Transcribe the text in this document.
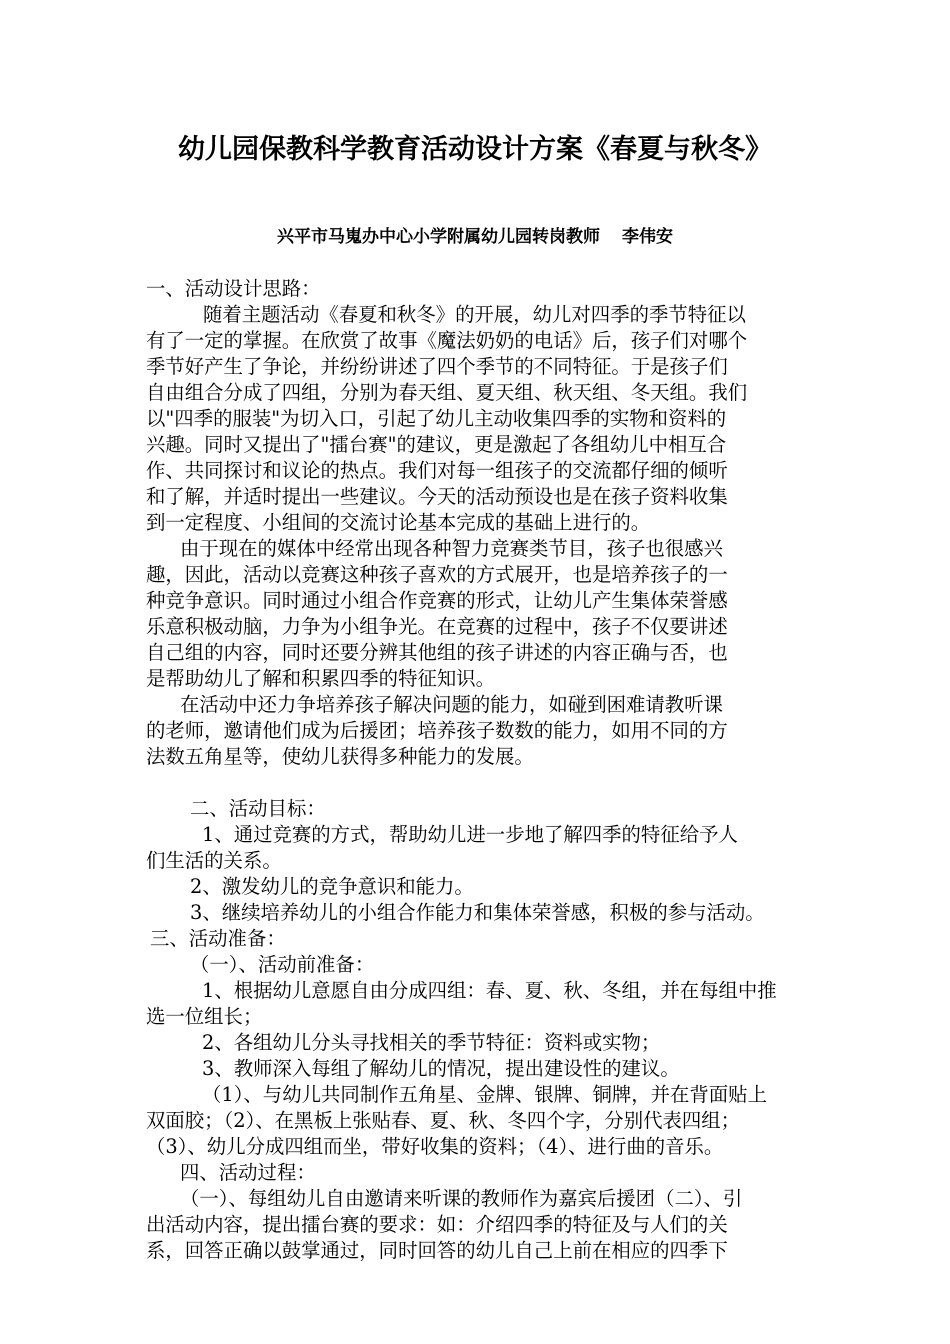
幼儿园保教科学教育活动设计方案《春夏与秋冬》
兴平市马嵬办中心小学附属幼儿园转岗教师 李伟安
一、活动设计思路：
随着主题活动《春夏和秋冬》的开展，幼儿对四季的季节特征以
有了一定的掌握。在欣赏了故事《魔法奶奶的电话》后，孩子们对哪个
季节好产生了争论，并纷纷讲述了四个季节的不同特征。于是孩子们
自由组合分成了四组，分别为春天组、夏天组、秋天组、冬天组。我们
以"四季的服装"为切入口，引起了幼儿主动收集四季的实物和资料的
兴趣。同时又提出了"擂台赛"的建议，更是激起了各组幼儿中相互合
作、共同探讨和议论的热点。我们对每一组孩子的交流都仔细的倾听
和了解，并适时提出一些建议。今天的活动预设也是在孩子资料收集
到一定程度、小组间的交流讨论基本完成的基础上进行的。
由于现在的媒体中经常出现各种智力竞赛类节目，孩子也很感兴
趣，因此，活动以竞赛这种孩子喜欢的方式展开，也是培养孩子的一
种竞争意识。同时通过小组合作竞赛的形式，让幼儿产生集体荣誉感
乐意积极动脑，力争为小组争光。在竞赛的过程中，孩子不仅要讲述
自己组的内容，同时还要分辨其他组的孩子讲述的内容正确与否，也
是帮助幼儿了解和积累四季的特征知识。
在活动中还力争培养孩子解决问题的能力，如碰到困难请教听课
的老师，邀请他们成为后援团；培养孩子数数的能力，如用不同的方
法数五角星等，使幼儿获得多种能力的发展。
二、活动目标：
1、通过竞赛的方式，帮助幼儿进一步地了解四季的特征给予人
们生活的关系。
2、激发幼儿的竞争意识和能力。
3、继续培养幼儿的小组合作能力和集体荣誉感，积极的参与活动。
三、活动准备：
（一）、活动前准备：
1、根据幼儿意愿自由分成四组：春、夏、秋、冬组，并在每组中推
选一位组长；
2、各组幼儿分头寻找相关的季节特征：资料或实物；
3、教师深入每组了解幼儿的情况，提出建设性的建议。
（1）、与幼儿共同制作五角星、金牌、银牌、铜牌，并在背面贴上
双面胶；（2）、在黑板上张贴春、夏、秋、冬四个字，分别代表四组；
（3）、幼儿分成四组而坐，带好收集的资料；（4）、进行曲的音乐。
四、活动过程：
（一）、每组幼儿自由邀请来听课的教师作为嘉宾后援团（二）、引
出活动内容，提出擂台赛的要求：如：介绍四季的特征及与人们的关
系，回答正确以鼓掌通过，同时回答的幼儿自己上前在相应的四季下
